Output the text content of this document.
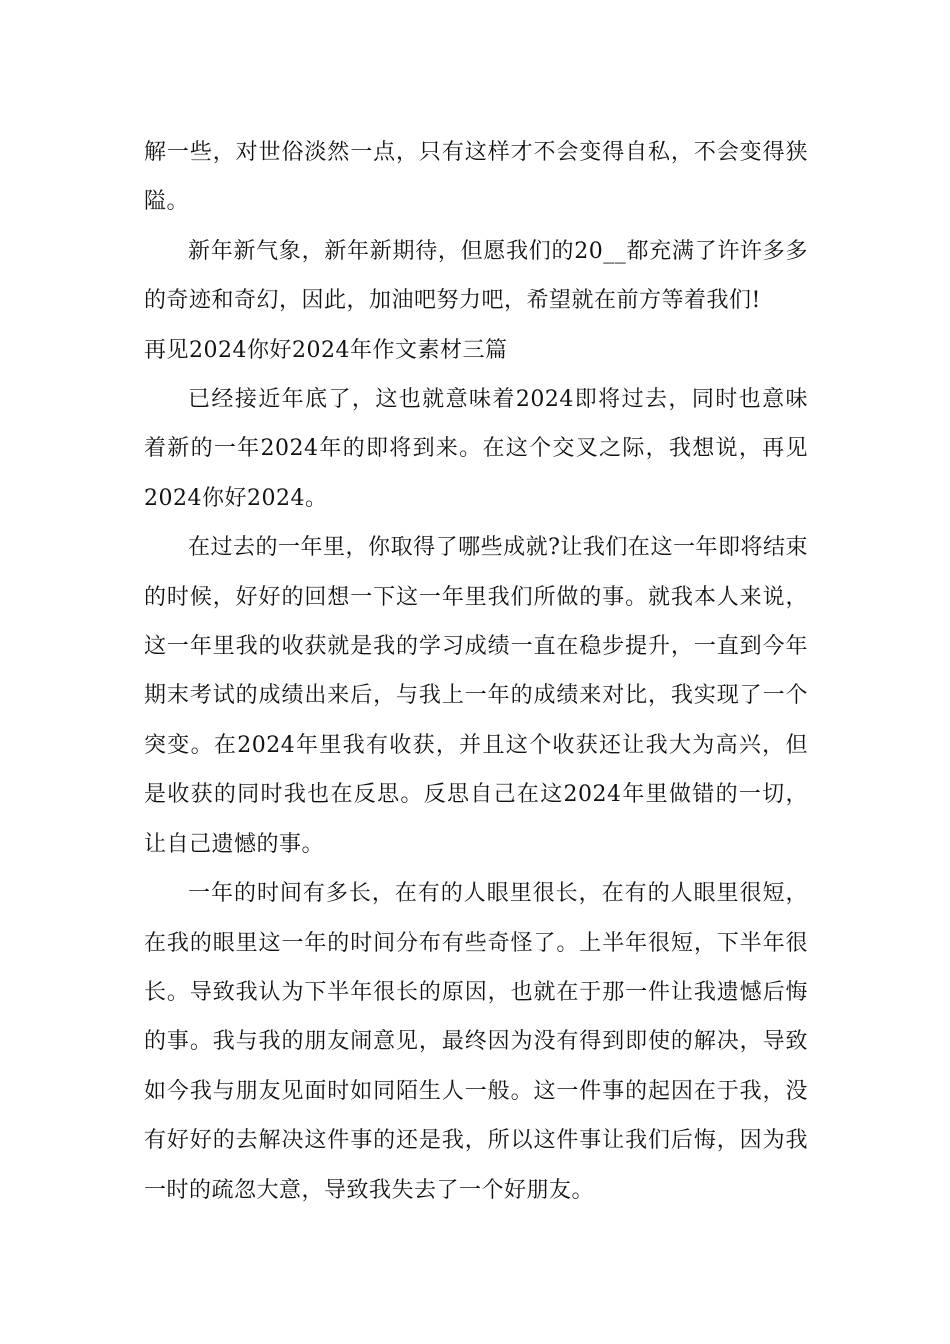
解一些，对世俗淡然一点，只有这样才不会变得自私，不会变得狭隘。

新年新气象，新年新期待，但愿我们的20__都充满了许许多多的奇迹和奇幻，因此，加油吧努力吧，希望就在前方等着我们!

再见2024你好2024年作文素材三篇

已经接近年底了，这也就意味着2024即将过去，同时也意味着新的一年2024年的即将到来。在这个交叉之际，我想说，再见2024你好2024。

在过去的一年里，你取得了哪些成就?让我们在这一年即将结束的时候，好好的回想一下这一年里我们所做的事。就我本人来说，这一年里我的收获就是我的学习成绩一直在稳步提升，一直到今年期末考试的成绩出来后，与我上一年的成绩来对比，我实现了一个突变。在2024年里我有收获，并且这个收获还让我大为高兴，但是收获的同时我也在反思。反思自己在这2024年里做错的一切，让自己遗憾的事。

一年的时间有多长，在有的人眼里很长，在有的人眼里很短，在我的眼里这一年的时间分布有些奇怪了。上半年很短，下半年很长。导致我认为下半年很长的原因，也就在于那一件让我遗憾后悔的事。我与我的朋友闹意见，最终因为没有得到即使的解决，导致如今我与朋友见面时如同陌生人一般。这一件事的起因在于我，没有好好的去解决这件事的还是我，所以这件事让我们后悔，因为我一时的疏忽大意，导致我失去了一个好朋友。
